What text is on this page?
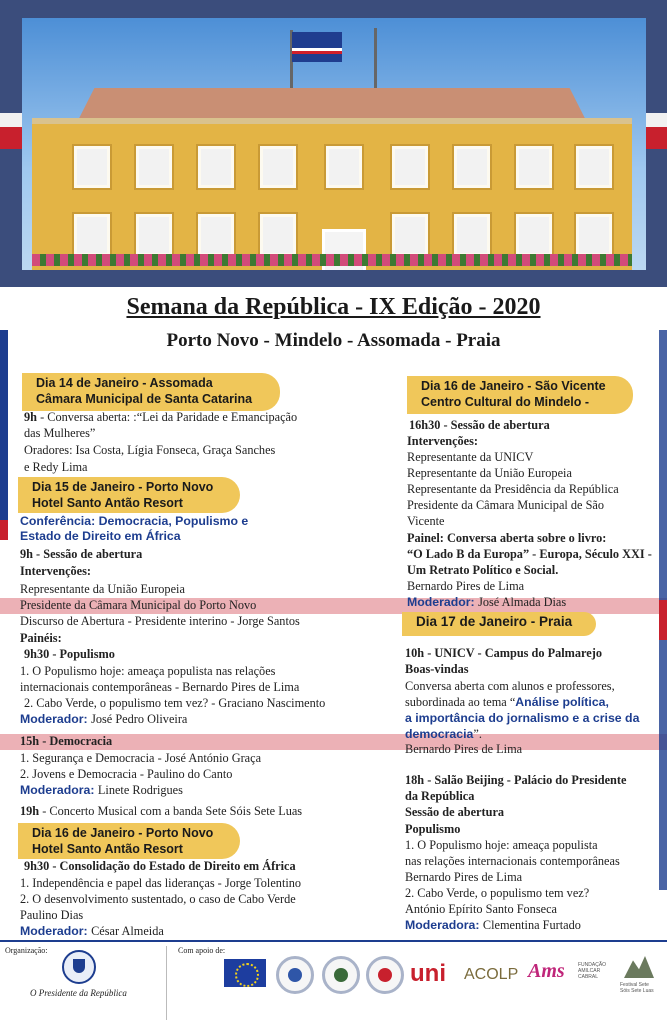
Semana da República - IX Edição - 2020
Porto Novo - Mindelo - Assomada - Praia
Dia 14 de Janeiro - Assomada
Câmara Municipal de Santa Catarina
9h - Conversa aberta: :“Lei da Paridade e Emancipação
das Mulheres”
Oradores: Isa Costa, Lígia Fonseca, Graça Sanches
e Redy Lima
Dia 15 de Janeiro - Porto Novo
Hotel Santo Antão Resort
Conferência: Democracia, Populismo e
Estado de Direito em África
9h - Sessão de abertura
Intervenções:
Representante da União Europeia
Presidente da Câmara Municipal do Porto Novo
Discurso de Abertura - Presidente interino - Jorge Santos
Painéis:
9h30 - Populismo
1. O Populismo hoje: ameaça populista nas relações
internacionais contemporâneas - Bernardo Pires de Lima
2. Cabo Verde, o populismo tem vez? - Graciano Nascimento
Moderador: José Pedro Oliveira
15h - Democracia
1. Segurança e Democracia - José António Graça
2. Jovens e Democracia - Paulino do Canto
Moderadora: Linete Rodrigues
19h - Concerto Musical com a banda Sete Sóis Sete Luas
Dia 16 de Janeiro - Porto Novo
Hotel Santo Antão Resort
9h30 - Consolidação do Estado de Direito em África
1. Independência e papel das lideranças - Jorge Tolentino
2. O desenvolvimento sustentado, o caso de Cabo Verde
Paulino Dias
Moderador: César Almeida
Dia 16 de Janeiro - São Vicente
Centro Cultural do Mindelo -
16h30 - Sessão de abertura
Intervenções:
Representante da UNICV
Representante da União Europeia
Representante da Presidência da República
Presidente da Câmara Municipal de São
Vicente
Painel: Conversa aberta sobre o livro:
“O Lado B da Europa” - Europa, Século XXI -
Um Retrato Político e Social.
Bernardo Pires de Lima
Moderador: José Almada Dias
Dia 17 de Janeiro - Praia
10h - UNICV - Campus do Palmarejo
Boas-vindas
Conversa aberta com alunos e professores,
subordinada ao tema “Análise política,
a importância do jornalismo e a crise da
democracia”.
Bernardo Pires de Lima
18h - Salão Beijing - Palácio do Presidente
da República
Sessão de abertura
Populismo
1. O Populismo hoje: ameaça populista
nas relações internacionais contemporâneas
Bernardo Pires de Lima
2. Cabo Verde, o populismo tem vez?
António Epírito Santo Fonseca
Moderadora: Clementina Furtado
Organização:
O Presidente da República
Com apoio de:
uni ACOLP Ams	FUNDAÇÃO AMILCAR CABRAL
Festival Sete Sóis Sete Luas
